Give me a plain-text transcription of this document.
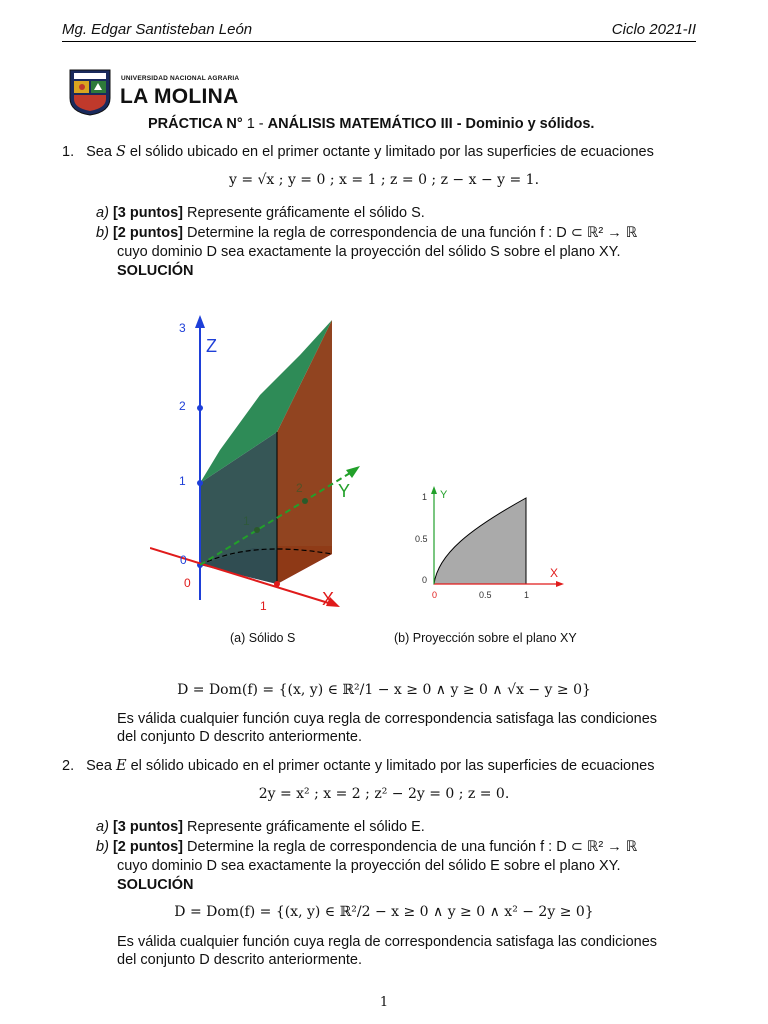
Mg. Edgar Santisteban León	Ciclo 2021-II
UNIVERSIDAD NACIONAL AGRARIA
LA MOLINA
PRÁCTICA N° 1 - ANÁLISIS MATEMÁTICO III - Dominio y sólidos.
1. Sea S el sólido ubicado en el primer octante y limitado por las superficies de ecuaciones
y = √x ; y = 0 ; x = 1 ; z = 0 ; z − x − y = 1.
a) [3 puntos] Represente gráficamente el sólido S.
b) [2 puntos] Determine la regla de correspondencia de una función f : D ⊂ ℝ² → ℝ
cuyo dominio D sea exactamente la proyección del sólido S sobre el plano XY.
SOLUCIÓN
Z
Y
X
3
2
1
0
0
1
1
2	Y
X
1
0.5
0
0	0.5	1
(a) Sólido S	(b) Proyección sobre el plano XY
D = Dom(f) = {(x, y) ∈ ℝ²/1 − x ≥ 0 ∧ y ≥ 0 ∧ √x − y ≥ 0}
Es válida cualquier función cuya regla de correspondencia satisfaga las condiciones
del conjunto D descrito anteriormente.
2. Sea E el sólido ubicado en el primer octante y limitado por las superficies de ecuaciones
2y = x² ; x = 2 ; z² − 2y = 0 ; z = 0.
a) [3 puntos] Represente gráficamente el sólido E.
b) [2 puntos] Determine la regla de correspondencia de una función f : D ⊂ ℝ² → ℝ
cuyo dominio D sea exactamente la proyección del sólido E sobre el plano XY.
SOLUCIÓN
D = Dom(f) = {(x, y) ∈ ℝ²/2 − x ≥ 0 ∧ y ≥ 0 ∧ x² − 2y ≥ 0}
Es válida cualquier función cuya regla de correspondencia satisfaga las condiciones
del conjunto D descrito anteriormente.
1
